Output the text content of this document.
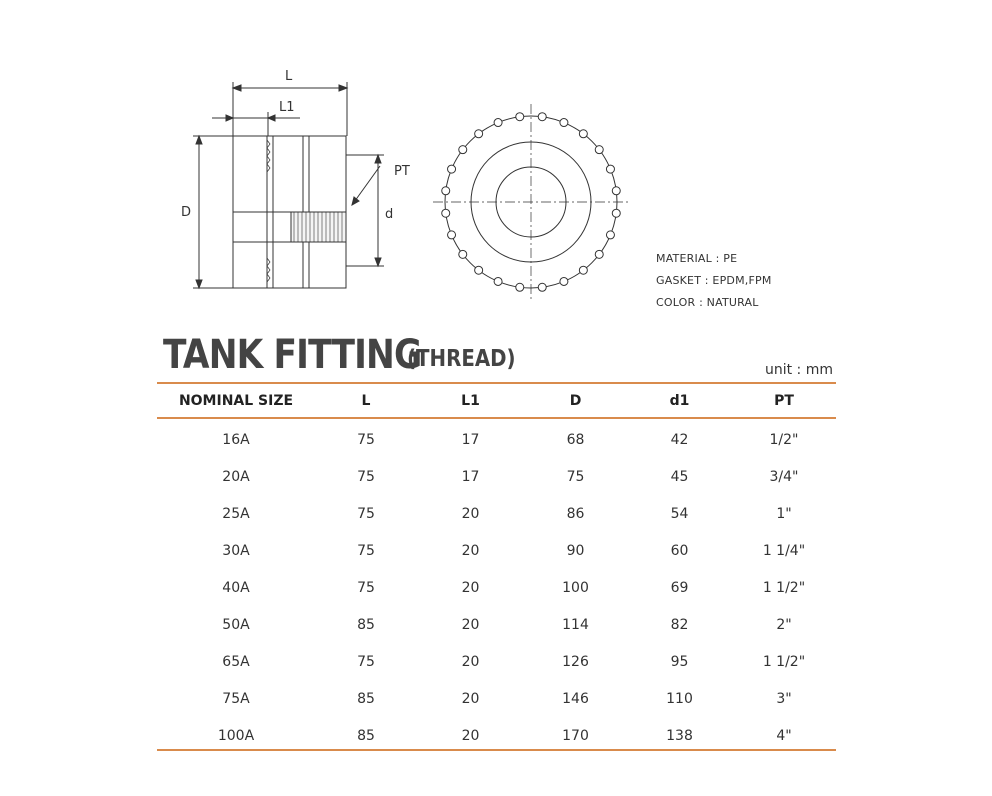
L
L1
D	d
PT
MATERIAL : PE
GASKET : EPDM,FPM
COLOR : NATURAL
TANK FITTING
(THREAD)	unit : mm
NOMINAL SIZE	L	L1	D	d1	PT
16A	75	17	68	42	1/2"
20A	75	17	75	45	3/4"
25A	75	20	86	54	1"
30A	75	20	90	60	1 1/4"
40A	75	20	100	69	1 1/2"
50A	85	20	114	82	2"
65A	75	20	126	95	1 1/2"
75A	85	20	146	110	3"
100A	85	20	170	138	4"
